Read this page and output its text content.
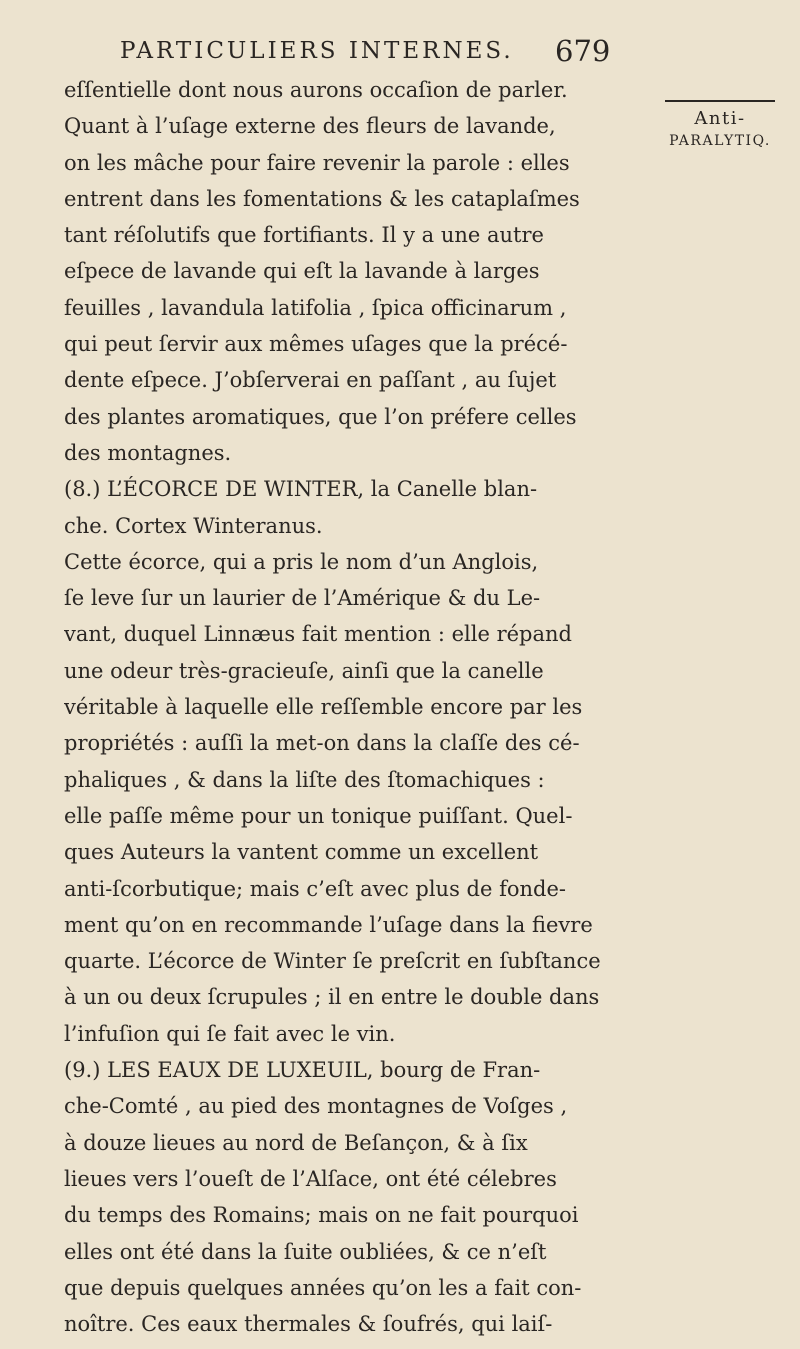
PARTICULIERS INTERNES. 679
Anti-
PARALYTIQ.
eſſentielle dont nous aurons occaſion de parler.
Quant à l’uſage externe des fleurs de lavande,
on les mâche pour faire revenir la parole : elles
entrent dans les fomentations & les cataplaſmes
tant réſolutifs que fortifiants. Il y a une autre
eſpece de lavande qui eſt la lavande à larges
feuilles , lavandula latifolia , ſpica officinarum ,
qui peut ſervir aux mêmes uſages que la précé-
dente eſpece. J’obſerverai en paſſant , au ſujet
des plantes aromatiques, que l’on préfere celles
des montagnes.
(8.) L’ÉCORCE DE WINTER, la Canelle blan-
che. Cortex Winteranus.
Cette écorce, qui a pris le nom d’un Anglois,
ſe leve ſur un laurier de l’Amérique & du Le-
vant, duquel Linnæus fait mention : elle répand
une odeur très-gracieuſe, ainſi que la canelle
véritable à laquelle elle reſſemble encore par les
propriétés : auſſi la met-on dans la claſſe des cé-
phaliques , & dans la liſte des ſtomachiques :
elle paſſe même pour un tonique puiſſant. Quel-
ques Auteurs la vantent comme un excellent
anti-ſcorbutique; mais c’eſt avec plus de fonde-
ment qu’on en recommande l’uſage dans la fievre
quarte. L’écorce de Winter ſe preſcrit en ſubſtance
à un ou deux ſcrupules ; il en entre le double dans
l’infuſion qui ſe fait avec le vin.
(9.) LES EAUX DE LUXEUIL, bourg de Fran-
che-Comté , au pied des montagnes de Voſges ,
à douze lieues au nord de Beſançon, & à ſix
lieues vers l’oueſt de l’Alſace, ont été célebres
du temps des Romains; mais on ne fait pourquoi
elles ont été dans la ſuite oubliées, & ce n’eſt
que depuis quelques années qu’on les a fait con-
noître. Ces eaux thermales & ſoufrés, qui laiſ-
